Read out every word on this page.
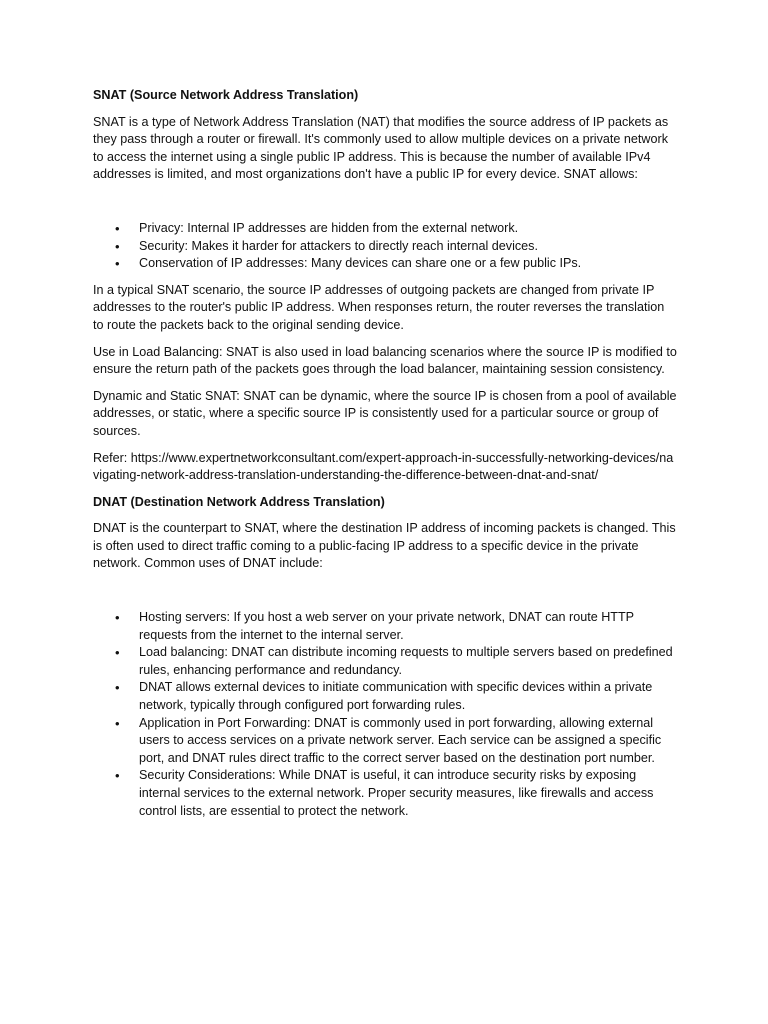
SNAT (Source Network Address Translation)

SNAT is a type of Network Address Translation (NAT) that modifies the source address of IP packets as they pass through a router or firewall. It's commonly used to allow multiple devices on a private network to access the internet using a single public IP address. This is because the number of available IPv4 addresses is limited, and most organizations don't have a public IP for every device. SNAT allows:

• Privacy: Internal IP addresses are hidden from the external network.
• Security: Makes it harder for attackers to directly reach internal devices.
• Conservation of IP addresses: Many devices can share one or a few public IPs.

In a typical SNAT scenario, the source IP addresses of outgoing packets are changed from private IP addresses to the router's public IP address. When responses return, the router reverses the translation to route the packets back to the original sending device.

Use in Load Balancing: SNAT is also used in load balancing scenarios where the source IP is modified to ensure the return path of the packets goes through the load balancer, maintaining session consistency.

Dynamic and Static SNAT: SNAT can be dynamic, where the source IP is chosen from a pool of available addresses, or static, where a specific source IP is consistently used for a particular source or group of sources.

Refer: https://www.expertnetworkconsultant.com/expert-approach-in-successfully-networking-devices/navigating-network-address-translation-understanding-the-difference-between-dnat-and-snat/

DNAT (Destination Network Address Translation)

DNAT is the counterpart to SNAT, where the destination IP address of incoming packets is changed. This is often used to direct traffic coming to a public-facing IP address to a specific device in the private network. Common uses of DNAT include:

• Hosting servers: If you host a web server on your private network, DNAT can route HTTP requests from the internet to the internal server.
• Load balancing: DNAT can distribute incoming requests to multiple servers based on predefined rules, enhancing performance and redundancy.
• DNAT allows external devices to initiate communication with specific devices within a private network, typically through configured port forwarding rules.
• Application in Port Forwarding: DNAT is commonly used in port forwarding, allowing external users to access services on a private network server. Each service can be assigned a specific port, and DNAT rules direct traffic to the correct server based on the destination port number.
• Security Considerations: While DNAT is useful, it can introduce security risks by exposing internal services to the external network. Proper security measures, like firewalls and access control lists, are essential to protect the network.
